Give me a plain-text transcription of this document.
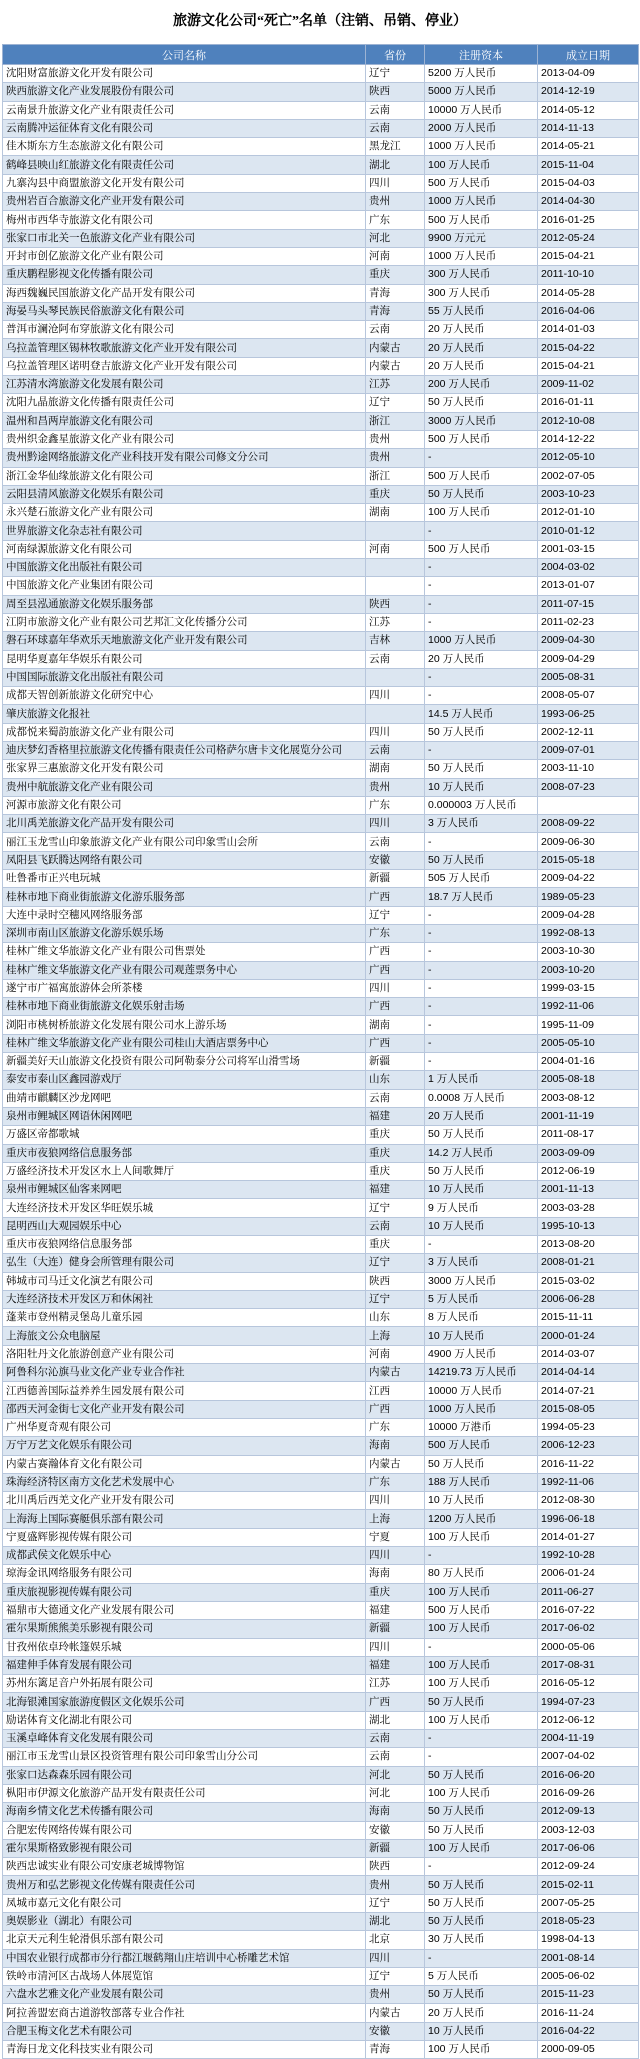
旅游文化公司“死亡”名单（注销、吊销、停业）
公司名称	省份	注册资本	成立日期
沈阳财富旅游文化开发有限公司	辽宁	5200 万人民币	2013-04-09
陕西旅游文化产业发展股份有限公司	陕西	5000 万人民币	2014-12-19
云南景升旅游文化产业有限责任公司	云南	10000 万人民币	2014-05-12
云南腾冲运征体育文化有限公司	云南	2000 万人民币	2014-11-13
佳木斯东方生态旅游文化有限公司	黑龙江	1000 万人民币	2014-05-21
鹤峰县映山红旅游文化有限责任公司	湖北	100 万人民币	2015-11-04
九寨沟县中商盟旅游文化开发有限公司	四川	500 万人民币	2015-04-03
贵州岩百合旅游文化产业开发有限公司	贵州	1000 万人民币	2014-04-30
梅州市西华寺旅游文化有限公司	广东	500 万人民币	2016-01-25
张家口市北关一色旅游文化产业有限公司	河北	9900 万元元	2012-05-24
开封市创亿旅游文化产业有限公司	河南	1000 万人民币	2015-04-21
重庆鹏程影视文化传播有限公司	重庆	300 万人民币	2011-10-10
海西魏巍民国旅游文化产品开发有限公司	青海	300 万人民币	2014-05-28
海晏马头琴民族民俗旅游文化有限公司	青海	55 万人民币	2016-04-06
普洱市澜沧阿布穿旅游文化有限公司	云南	20 万人民币	2014-01-03
乌拉盖管理区锡林牧歌旅游文化产业开发有限公司	内蒙古	20 万人民币	2015-04-22
乌拉盖管理区诺明登吉旅游文化产业开发有限公司	内蒙古	20 万人民币	2015-04-21
江苏清水湾旅游文化发展有限公司	江苏	200 万人民币	2009-11-02
沈阳九晶旅游文化传播有限责任公司	辽宁	50 万人民币	2016-01-11
温州和昌两岸旅游文化有限公司	浙江	3000 万人民币	2012-10-08
贵州织金鑫星旅游文化产业有限公司	贵州	500 万人民币	2014-12-22
贵州黔途网络旅游文化产业科技开发有限公司修文分公司	贵州	-	2012-05-10
浙江金华仙缘旅游文化有限公司	浙江	500 万人民币	2002-07-05
云阳县清风旅游文化娱乐有限公司	重庆	50 万人民币	2003-10-23
永兴楚石旅游文化产业有限公司	湖南	100 万人民币	2012-01-10
世界旅游文化杂志社有限公司		-	2010-01-12
河南绿源旅游文化有限公司	河南	500 万人民币	2001-03-15
中国旅游文化出版社有限公司		-	2004-03-02
中国旅游文化产业集团有限公司		-	2013-01-07
周至县泓通旅游文化娱乐服务部	陕西	-	2011-07-15
江阴市旅游文化产业有限公司艺邦汇文化传播分公司	江苏	-	2011-02-23
磐石环球嘉年华欢乐天地旅游文化产业开发有限公司	吉林	1000 万人民币	2009-04-30
昆明华夏嘉年华娱乐有限公司	云南	20 万人民币	2009-04-29
中国国际旅游文化出版社有限公司		-	2005-08-31
成都天智创新旅游文化研究中心	四川	-	2008-05-07
肇庆旅游文化报社		14.5 万人民币	1993-06-25
成都悦来蜀韵旅游文化产业有限公司	四川	50 万人民币	2002-12-11
迪庆梦幻香格里拉旅游文化传播有限责任公司格萨尔唐卡文化展览分公司	云南	-	2009-07-01
张家界三惠旅游文化开发有限公司	湖南	50 万人民币	2003-11-10
贵州中航旅游文化产业有限公司	贵州	10 万人民币	2008-07-23
河源市旅游文化有限公司	广东	0.000003 万人民币	
北川禹羌旅游文化产品开发有限公司	四川	3 万人民币	2008-09-22
丽江玉龙雪山印象旅游文化产业有限公司印象雪山会所	云南	-	2009-06-30
凤阳县飞跃腾达网络有限公司	安徽	50 万人民币	2015-05-18
吐鲁番市正兴电玩城	新疆	505 万人民币	2009-04-22
桂林市地下商业街旅游文化游乐服务部	广西	18.7 万人民币	1989-05-23
大连中录时空穗风网络服务部	辽宁	-	2009-04-28
深圳市南山区旅游文化游乐娱乐场	广东	-	1992-08-13
桂林广维文华旅游文化产业有限公司售票处	广西	-	2003-10-30
桂林广维文华旅游文化产业有限公司观莲票务中心	广西	-	2003-10-20
遂宁市广福寓旅游体会所茶楼	四川	-	1999-03-15
桂林市地下商业街旅游文化娱乐射击场	广西	-	1992-11-06
浏阳市桃树桥旅游文化发展有限公司水上游乐场	湖南	-	1995-11-09
桂林广维文华旅游文化产业有限公司桂山大酒店票务中心	广西	-	2005-05-10
新疆美好天山旅游文化投资有限公司阿勒泰分公司将军山滑雪场	新疆	-	2004-01-16
泰安市泰山区鑫园游戏厅	山东	1 万人民币	2005-08-18
曲靖市麒麟区沙龙网吧	云南	0.0008 万人民币	2003-08-12
泉州市鲤城区网语休闲网吧	福建	20 万人民币	2001-11-19
万盛区帝都歌城	重庆	50 万人民币	2011-08-17
重庆市夜狼网络信息服务部	重庆	14.2 万人民币	2003-09-09
万盛经济技术开发区水上人间歌舞厅	重庆	50 万人民币	2012-06-19
泉州市鲤城区仙客来网吧	福建	10 万人民币	2001-11-13
大连经济技术开发区华旺娱乐城	辽宁	9 万人民币	2003-03-28
昆明西山大观园娱乐中心	云南	10 万人民币	1995-10-13
重庆市夜狼网络信息服务部	重庆	-	2013-08-20
弘生（大连）健身会所管理有限公司	辽宁	3 万人民币	2008-01-21
韩城市司马迁文化演艺有限公司	陕西	3000 万人民币	2015-03-02
大连经济技术开发区万和休闲社	辽宁	5 万人民币	2006-06-28
蓬莱市登州精灵堡岛儿童乐园	山东	8 万人民币	2015-11-11
上海旅文公众电脑屋	上海	10 万人民币	2000-01-24
洛阳牡丹文化旅游创意产业有限公司	河南	4900 万人民币	2014-03-07
阿鲁科尔沁旗马业文化产业专业合作社	内蒙古	14219.73 万人民币	2014-04-14
江西德善国际益养养生园发展有限公司	江西	10000 万人民币	2014-07-21
邵西天河金街七文化产业开发有限公司	广西	1000 万人民币	2015-08-05
广州华夏奇观有限公司	广东	10000 万港币	1994-05-23
万宁万艺文化娱乐有限公司	海南	500 万人民币	2006-12-23
内蒙古赛瀚体育文化有限公司	内蒙古	50 万人民币	2016-11-22
珠海经济特区南方文化艺术发展中心	广东	188 万人民币	1992-11-06
北川禹后西羌文化产业开发有限公司	四川	10 万人民币	2012-08-30
上海海上国际赛艇俱乐部有限公司	上海	1200 万人民币	1996-06-18
宁夏盛辉影视传媒有限公司	宁夏	100 万人民币	2014-01-27
成都武侯文化娱乐中心	四川	-	1992-10-28
琼海金讯网络服务有限公司	海南	80 万人民币	2006-01-24
重庆旅视影视传媒有限公司	重庆	100 万人民币	2011-06-27
福鼎市大德通文化产业发展有限公司	福建	500 万人民币	2016-07-22
霍尔果斯熊熊美乐影视有限公司	新疆	100 万人民币	2017-06-02
甘孜州依卓玲帐篷娱乐城	四川	-	2000-05-06
福建伸手体育发展有限公司	福建	100 万人民币	2017-08-31
苏州东篱足音户外拓展有限公司	江苏	100 万人民币	2016-05-12
北海银滩国家旅游度假区文化娱乐公司	广西	50 万人民币	1994-07-23
励诺体育文化湖北有限公司	湖北	100 万人民币	2012-06-12
玉溪卓峰体育文化发展有限公司	云南	-	2004-11-19
丽江市玉龙雪山景区投资管理有限公司印象雪山分公司	云南	-	2007-04-02
张家口达森森乐园有限公司	河北	50 万人民币	2016-06-20
枞阳市伊源文化旅游产品开发有限责任公司	河北	100 万人民币	2016-09-26
海南乡情文化艺术传播有限公司	海南	50 万人民币	2012-09-13
合肥宏传网络传媒有限公司	安徽	50 万人民币	2003-12-03
霍尔果斯格致影视有限公司	新疆	100 万人民币	2017-06-06
陕西忠诚实业有限公司安康老城博物馆	陕西	-	2012-09-24
贵州万和弘艺影视文化传媒有限责任公司	贵州	50 万人民币	2015-02-11
凤城市嘉元文化有限公司	辽宁	50 万人民币	2007-05-25
奥娱影业（湖北）有限公司	湖北	50 万人民币	2018-05-23
北京天元利生轮滑俱乐部有限公司	北京	30 万人民币	1998-04-13
中国农业银行成都市分行都江堰鹤翔山庄培训中心桥雕艺术馆	四川	-	2001-08-14
铁岭市清河区古战场人体展览馆	辽宁	5 万人民币	2005-06-02
六盘水艺雅文化产业发展有限公司	贵州	50 万人民币	2015-11-23
阿拉善盟宏商古道游牧部落专业合作社	内蒙古	20 万人民币	2016-11-24
合肥玉梅文化艺术有限公司	安徽	10 万人民币	2016-04-22
青海日龙文化科技实业有限公司	青海	100 万人民币	2000-09-05
